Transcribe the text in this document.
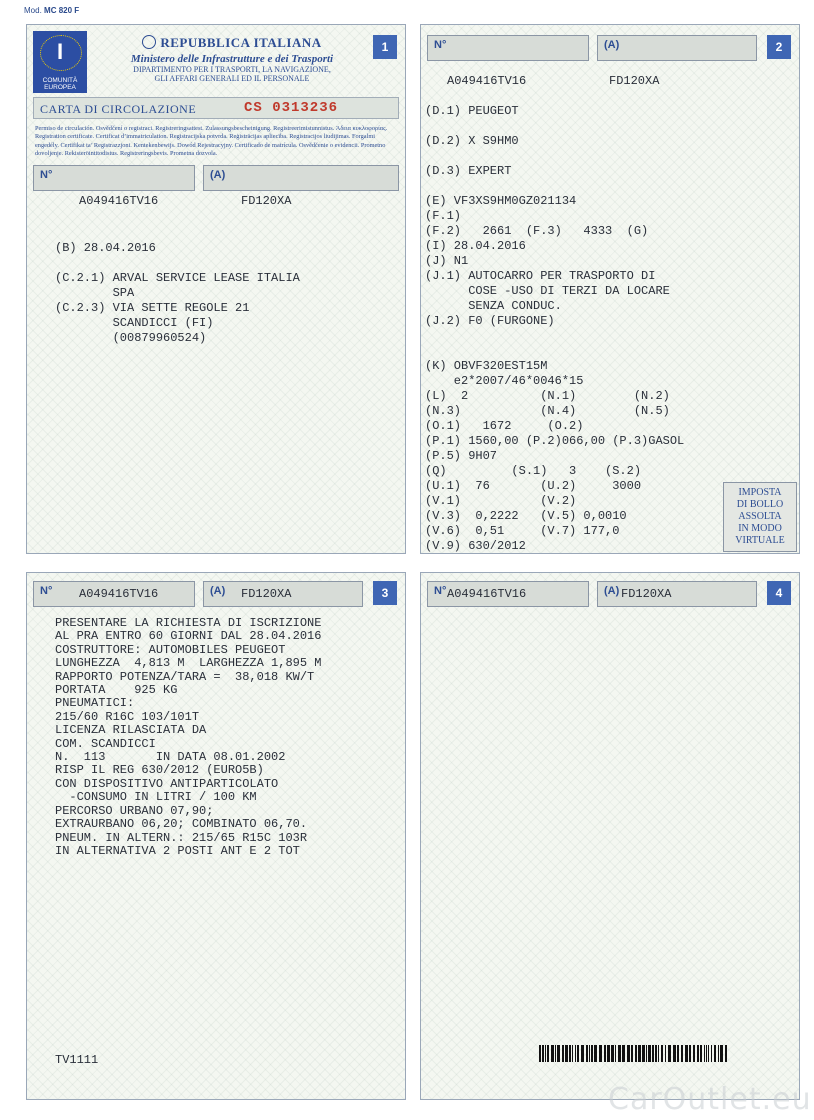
Mod. MC 820 F
I
COMUNITÀ EUROPEA
REPUBBLICA ITALIANA
Ministero delle Infrastrutture e dei Trasporti
DIPARTIMENTO PER I TRASPORTI, LA NAVIGAZIONE,
GLI AFFARI GENERALI ED IL PERSONALE
1
CARTA DI CIRCOLAZIONE	CS 0313236
Permiso de circulación. Osvědčení o registraci. Registreringsattest. Zulassungsbescheinigung. Registreerimistunnistus. Άδεια κυκλοφορίας. Registration certificate. Certificat d’immatriculation. Registracijska potvrda. Reģistrācijas apliecība. Registracijos liudijimas. Forgalmi engedély. Certifikat ta’ Registrazzjoni. Kentekenbewijs. Dowód Rejestracyjny. Certificado de matrícula. Osvědčenie o evidencii. Prometno dovoljenje. Rekisteröintitodistus. Registreringsbevis. Prometna dozvola.
N°	(A)
A049416TV16	FD120XA
(B) 28.04.2016

(C.2.1) ARVAL SERVICE LEASE ITALIA
SPA
(C.2.3) VIA SETTE REGOLE 21
SCANDICCI (FI)
(00879960524)
N°	(A)	2
A049416TV16	FD120XA
(D.1) PEUGEOT

(D.2) X S9HM0

(D.3) EXPERT

(E) VF3XS9HM0GZ021134
(F.1)
(F.2)   2661  (F.3)   4333  (G)
(I) 28.04.2016
(J) N1
(J.1) AUTOCARRO PER TRASPORTO DI
COSE -USO DI TERZI DA LOCARE
SENZA CONDUC.
(J.2) F0 (FURGONE)

(K) OBVF320EST15M
e2*2007/46*0046*15
(L)  2          (N.1)        (N.2)
(N.3)           (N.4)        (N.5)
(O.1)   1672     (O.2)
(P.1) 1560,00 (P.2)066,00 (P.3)GASOL
(P.5) 9H07
(Q)         (S.1)   3    (S.2)
(U.1)  76       (U.2)     3000
(V.1)           (V.2)
(V.3)  0,2222   (V.5) 0,0010
(V.6)  0,51     (V.7) 177,0
(V.9) 630/2012
IMPOSTA
DI BOLLO
ASSOLTA
IN MODO
VIRTUALE
N°	A049416TV16	(A)	FD120XA	3
PRESENTARE LA RICHIESTA DI ISCRIZIONE
AL PRA ENTRO 60 GIORNI DAL 28.04.2016
COSTRUTTORE: AUTOMOBILES PEUGEOT
LUNGHEZZA  4,813 M  LARGHEZZA 1,895 M
RAPPORTO POTENZA/TARA =  38,018 KW/T
PORTATA    925 KG
PNEUMATICI:
215/60 R16C 103/101T
LICENZA RILASCIATA DA
COM. SCANDICCI
N.  113       IN DATA 08.01.2002
RISP IL REG 630/2012 (EURO5B)
CON DISPOSITIVO ANTIPARTICOLATO
-CONSUMO IN LITRI / 100 KM
PERCORSO URBANO 07,90;
EXTRAURBANO 06,20; COMBINATO 06,70.
PNEUM. IN ALTERN.: 215/65 R15C 103R
IN ALTERNATIVA 2 POSTI ANT E 2 TOT
TV1111
N° A049416TV16	(A) FD120XA	4
CarOutlet.eu
